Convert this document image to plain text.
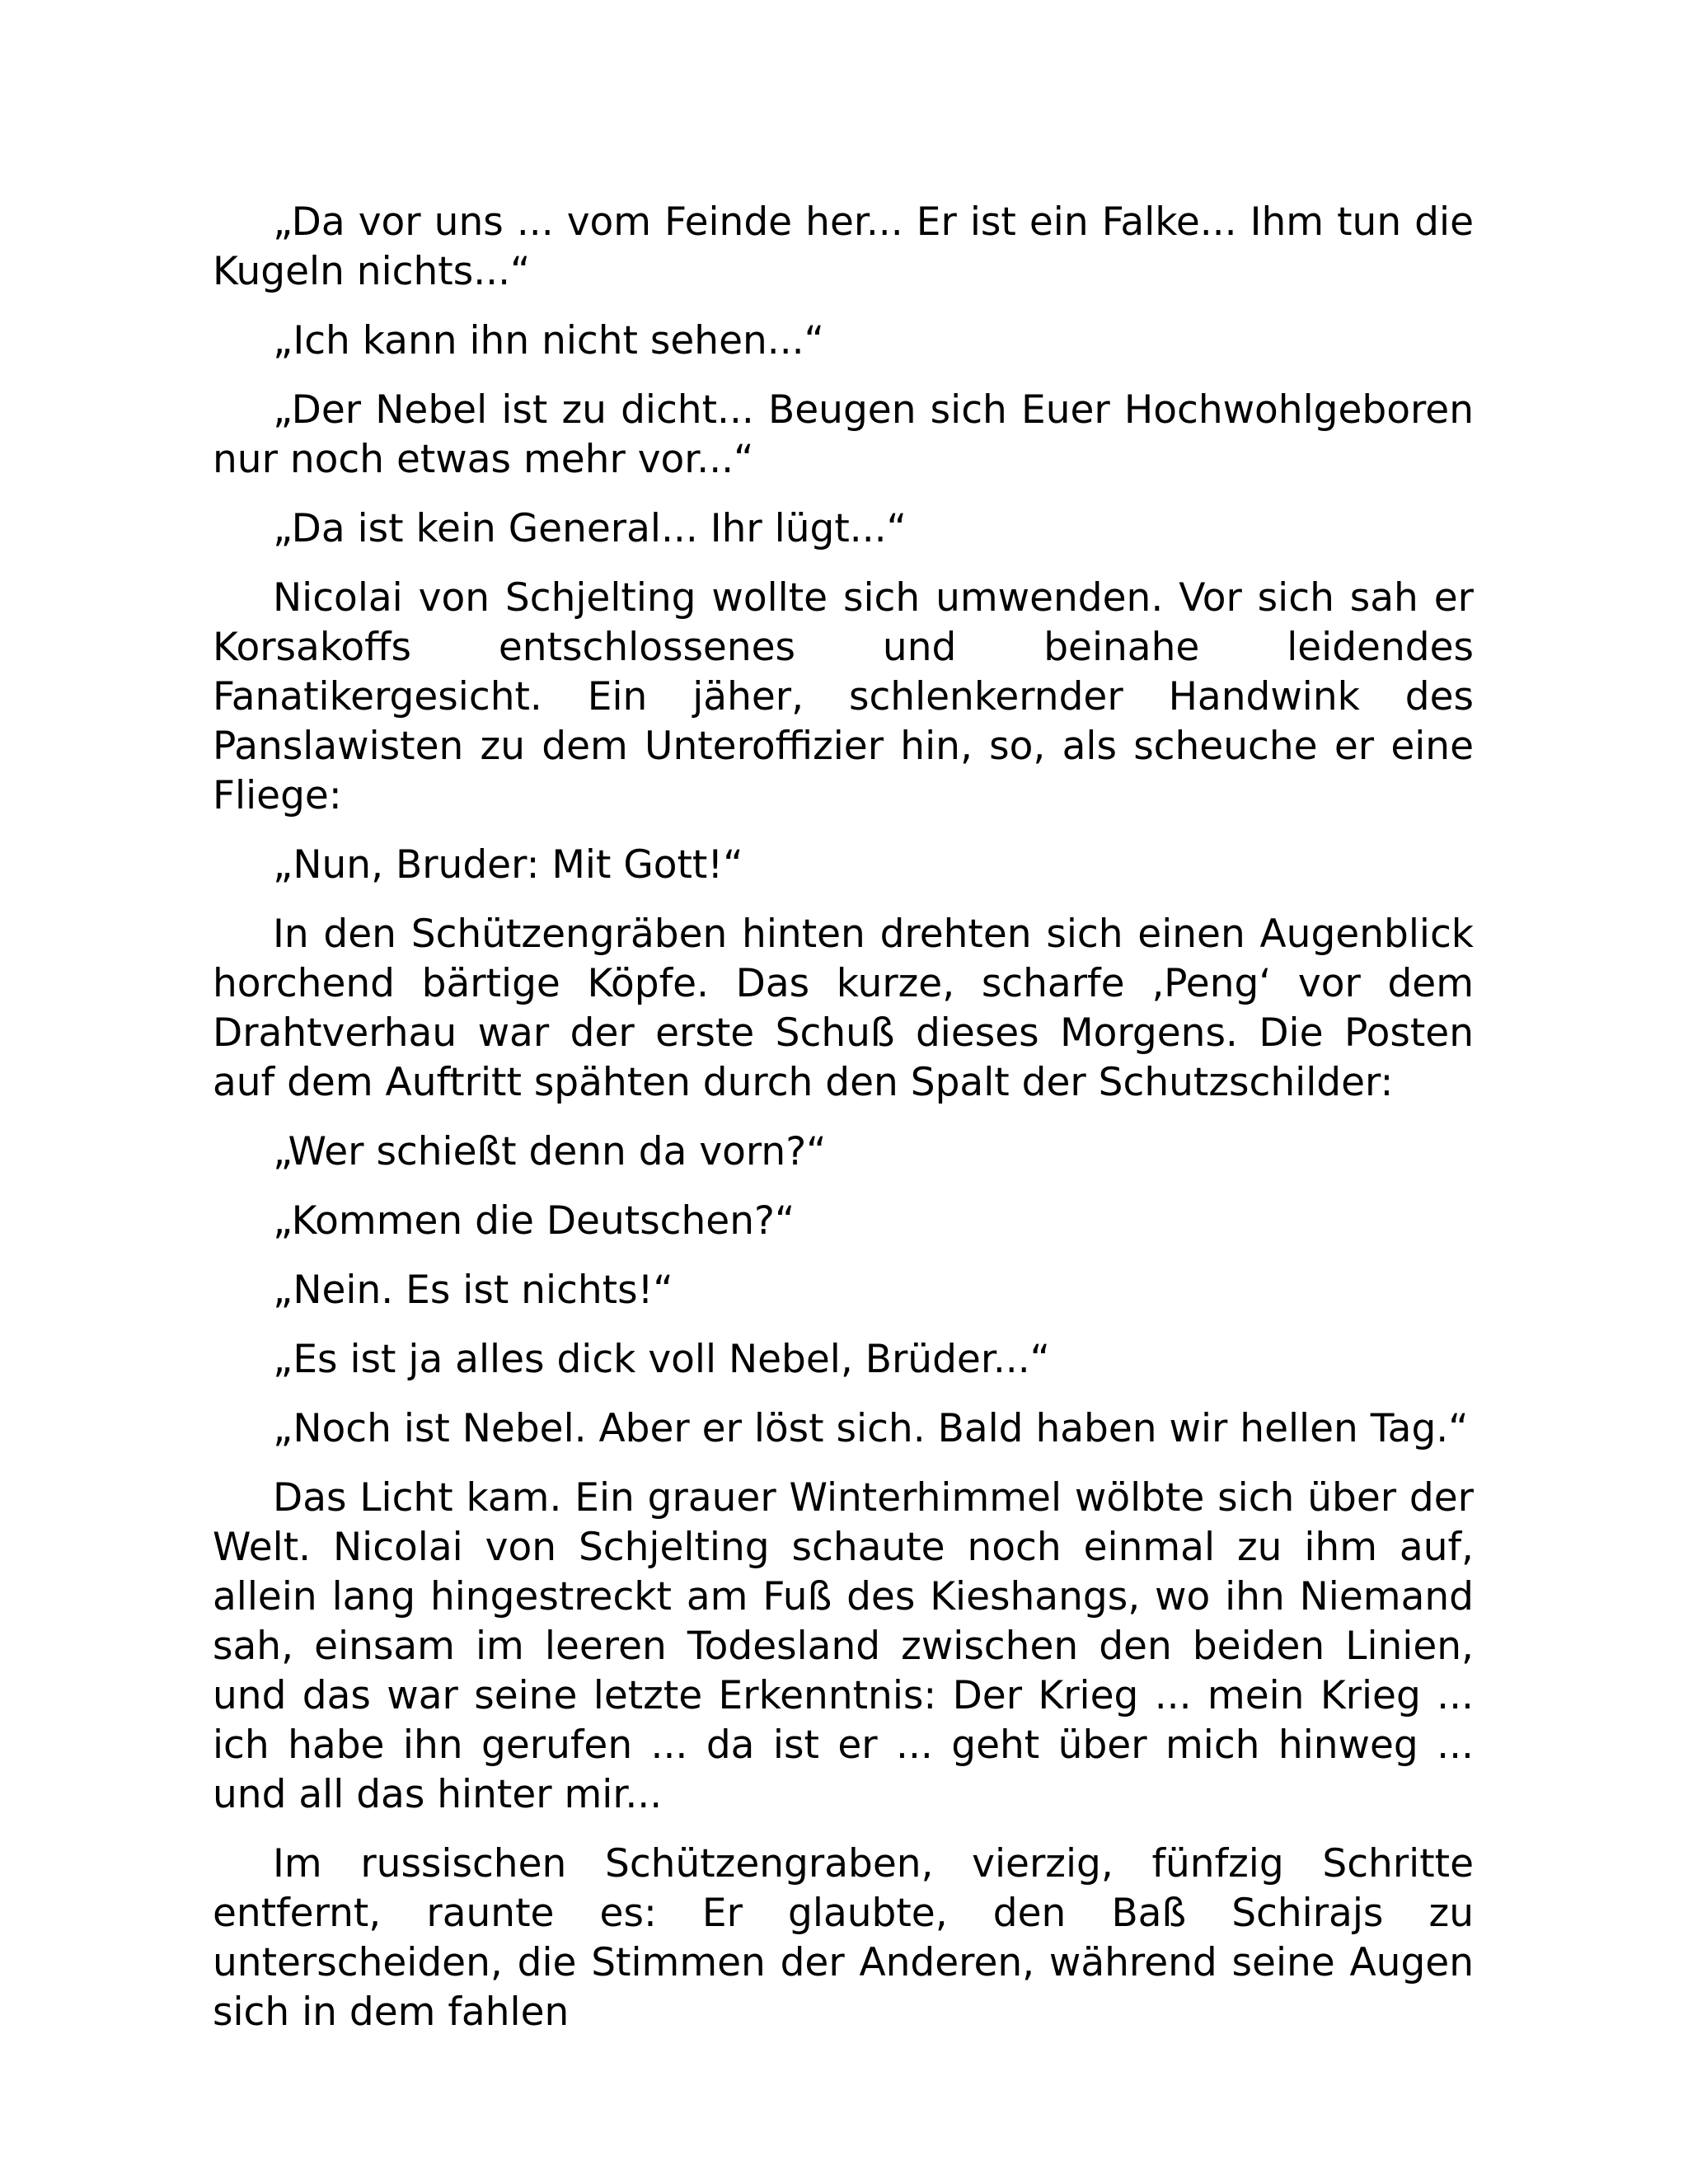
„Da vor uns ... vom Feinde her... Er ist ein Falke... Ihm tun die Kugeln nichts...“

„Ich kann ihn nicht sehen...“

„Der Nebel ist zu dicht... Beugen sich Euer Hochwohlgeboren nur noch etwas mehr vor...“

„Da ist kein General... Ihr lügt...“

Nicolai von Schjelting wollte sich umwenden. Vor sich sah er Korsakoffs entschlossenes und beinahe leidendes Fanatikergesicht. Ein jäher, schlenkernder Handwink des Panslawisten zu dem Unteroffizier hin, so, als scheuche er eine Fliege:

„Nun, Bruder: Mit Gott!“

In den Schützengräben hinten drehten sich einen Augenblick horchend bärtige Köpfe. Das kurze, scharfe ‚Peng‘ vor dem Drahtverhau war der erste Schuß dieses Morgens. Die Posten auf dem Auftritt spähten durch den Spalt der Schutzschilder:

„Wer schießt denn da vorn?“

„Kommen die Deutschen?“

„Nein. Es ist nichts!“

„Es ist ja alles dick voll Nebel, Brüder...“

„Noch ist Nebel. Aber er löst sich. Bald haben wir hellen Tag.“

Das Licht kam. Ein grauer Winterhimmel wölbte sich über der Welt. Nicolai von Schjelting schaute noch einmal zu ihm auf, allein lang hingestreckt am Fuß des Kieshangs, wo ihn Niemand sah, einsam im leeren Todesland zwischen den beiden Linien, und das war seine letzte Erkenntnis: Der Krieg ... mein Krieg ... ich habe ihn gerufen ... da ist er ... geht über mich hinweg ... und all das hinter mir...

Im russischen Schützengraben, vierzig, fünfzig Schritte entfernt, raunte es: Er glaubte, den Baß Schirajs zu unterscheiden, die Stimmen der Anderen, während seine Augen sich in dem fahlen
